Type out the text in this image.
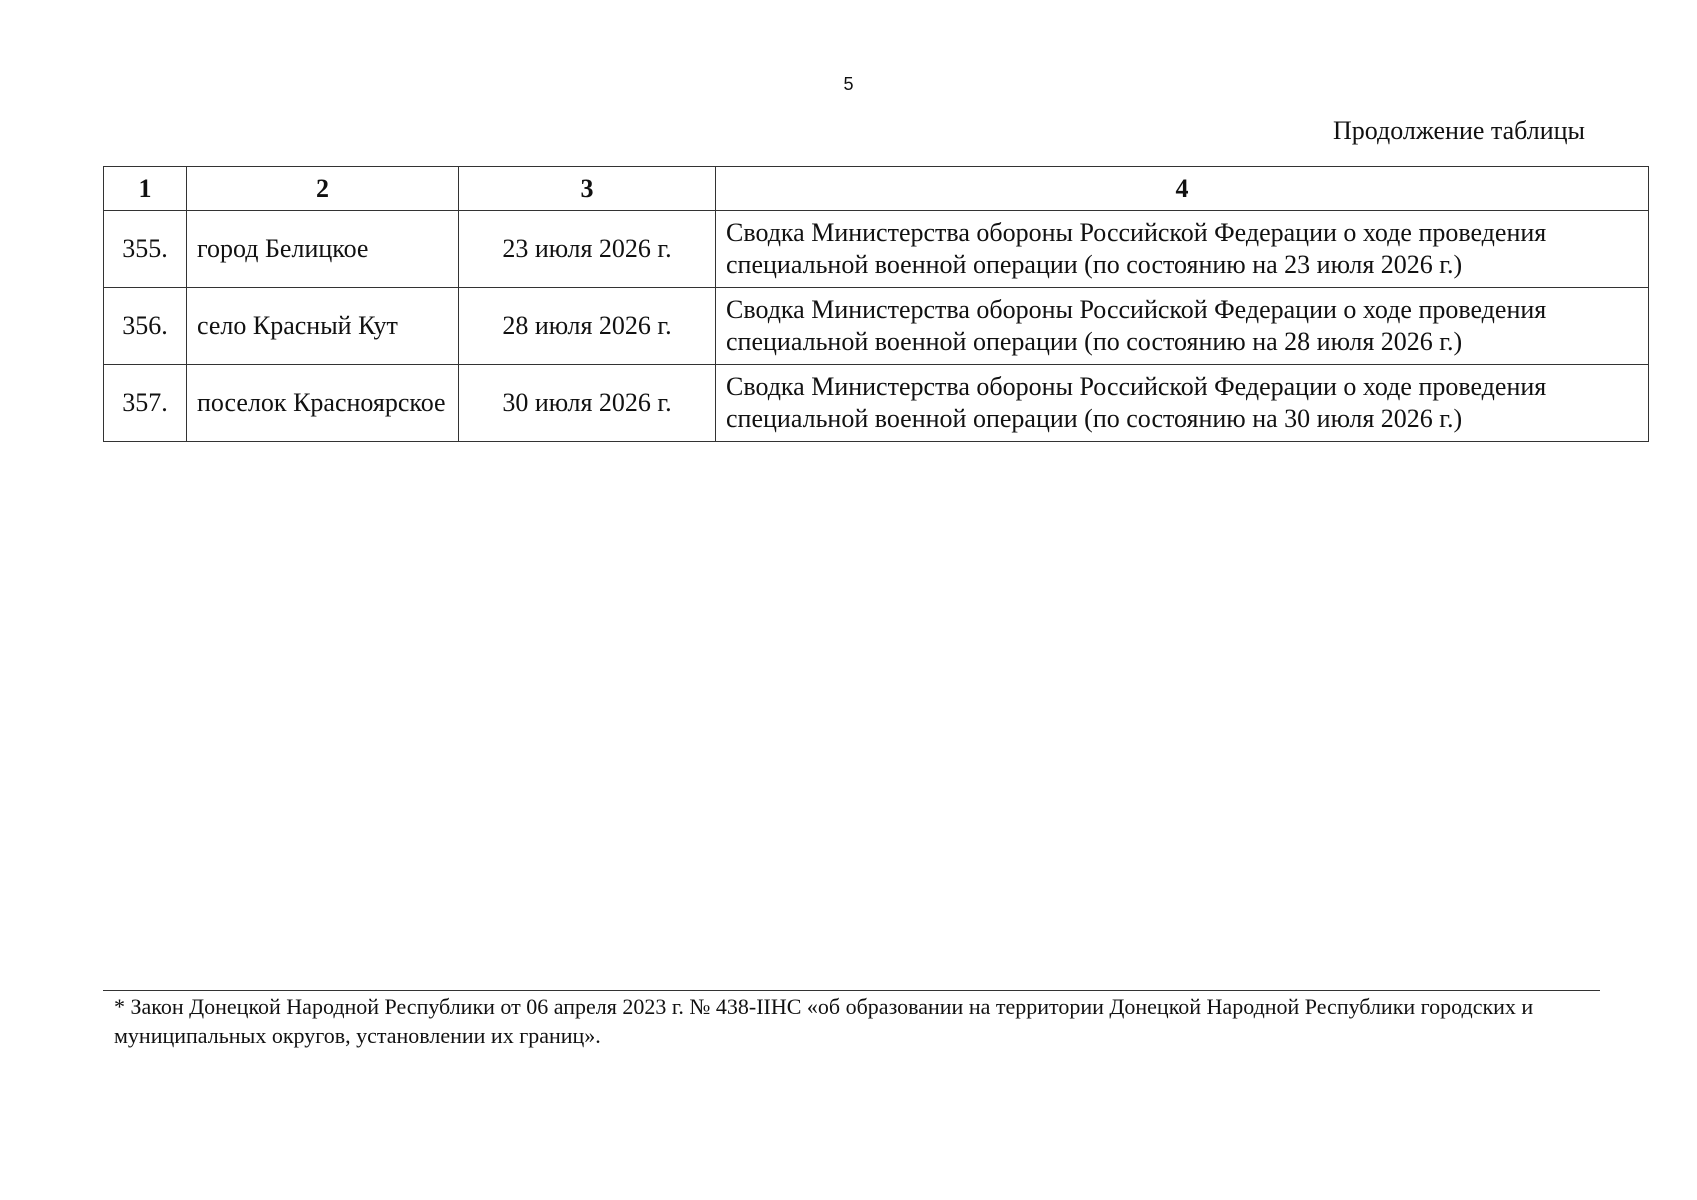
5
Продолжение таблицы
1	2	3	4
355.	город Белицкое	23 июля 2026 г.	Сводка Министерства обороны Российской Федерации о ходе проведения специальной военной операции (по состоянию на 23 июля 2026 г.)
356.	село Красный Кут	28 июля 2026 г.	Сводка Министерства обороны Российской Федерации о ходе проведения специальной военной операции (по состоянию на 28 июля 2026 г.)
357.	поселок Красноярское	30 июля 2026 г.	Сводка Министерства обороны Российской Федерации о ходе проведения специальной военной операции (по состоянию на 30 июля 2026 г.)
* Закон Донецкой Народной Республики от 06 апреля 2023 г. № 438-IIНС «об образовании на территории Донецкой Народной Республики городских и муниципальных округов, установлении их границ».
